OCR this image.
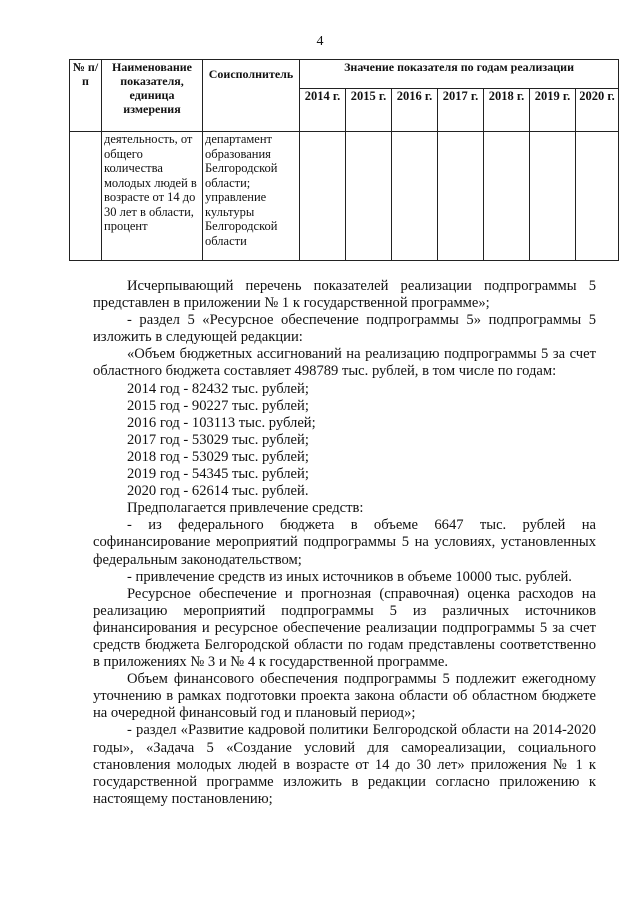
4
№ п/п	Наименование показателя, единица измерения	Соисполнитель	Значение показателя по годам реализации						
			2014 г.	2015 г.	2016 г.	2017 г.	2018 г.	2019 г.	2020 г.
	деятельность, от общего количества молодых людей в возрасте от 14 до 30 лет в области, процент	департамент образования Белгородской области; управление культуры Белгородской области							

Исчерпывающий перечень показателей реализации подпрограммы 5 представлен в приложении № 1 к государственной программе»;

- раздел 5 «Ресурсное обеспечение подпрограммы 5» подпрограммы 5 изложить в следующей редакции:

«Объем бюджетных ассигнований на реализацию подпрограммы 5 за счет областного бюджета составляет 498789 тыс. рублей, в том числе по годам:

2014 год - 82432 тыс. рублей;

2015 год - 90227 тыс. рублей;

2016 год - 103113 тыс. рублей;

2017 год - 53029 тыс. рублей;

2018 год - 53029 тыс. рублей;

2019 год - 54345 тыс. рублей;

2020 год - 62614 тыс. рублей.

Предполагается привлечение средств:

- из федерального бюджета в объеме 6647 тыс. рублей на софинансирование мероприятий подпрограммы 5 на условиях, установленных федеральным законодательством;

- привлечение средств из иных источников в объеме 10000 тыс. рублей.

Ресурсное обеспечение и прогнозная (справочная) оценка расходов на реализацию мероприятий подпрограммы 5 из различных источников финансирования и ресурсное обеспечение реализации подпрограммы 5 за счет средств бюджета Белгородской области по годам представлены соответственно в приложениях № 3 и № 4 к государственной программе.

Объем финансового обеспечения подпрограммы 5 подлежит ежегодному уточнению в рамках подготовки проекта закона области об областном бюджете на очередной финансовый год и плановый период»;

- раздел «Развитие кадровой политики Белгородской области на 2014-2020 годы», «Задача 5 «Создание условий для самореализации, социального становления молодых людей в возрасте от 14 до 30 лет» приложения № 1 к государственной программе изложить в редакции согласно приложению к настоящему постановлению;
